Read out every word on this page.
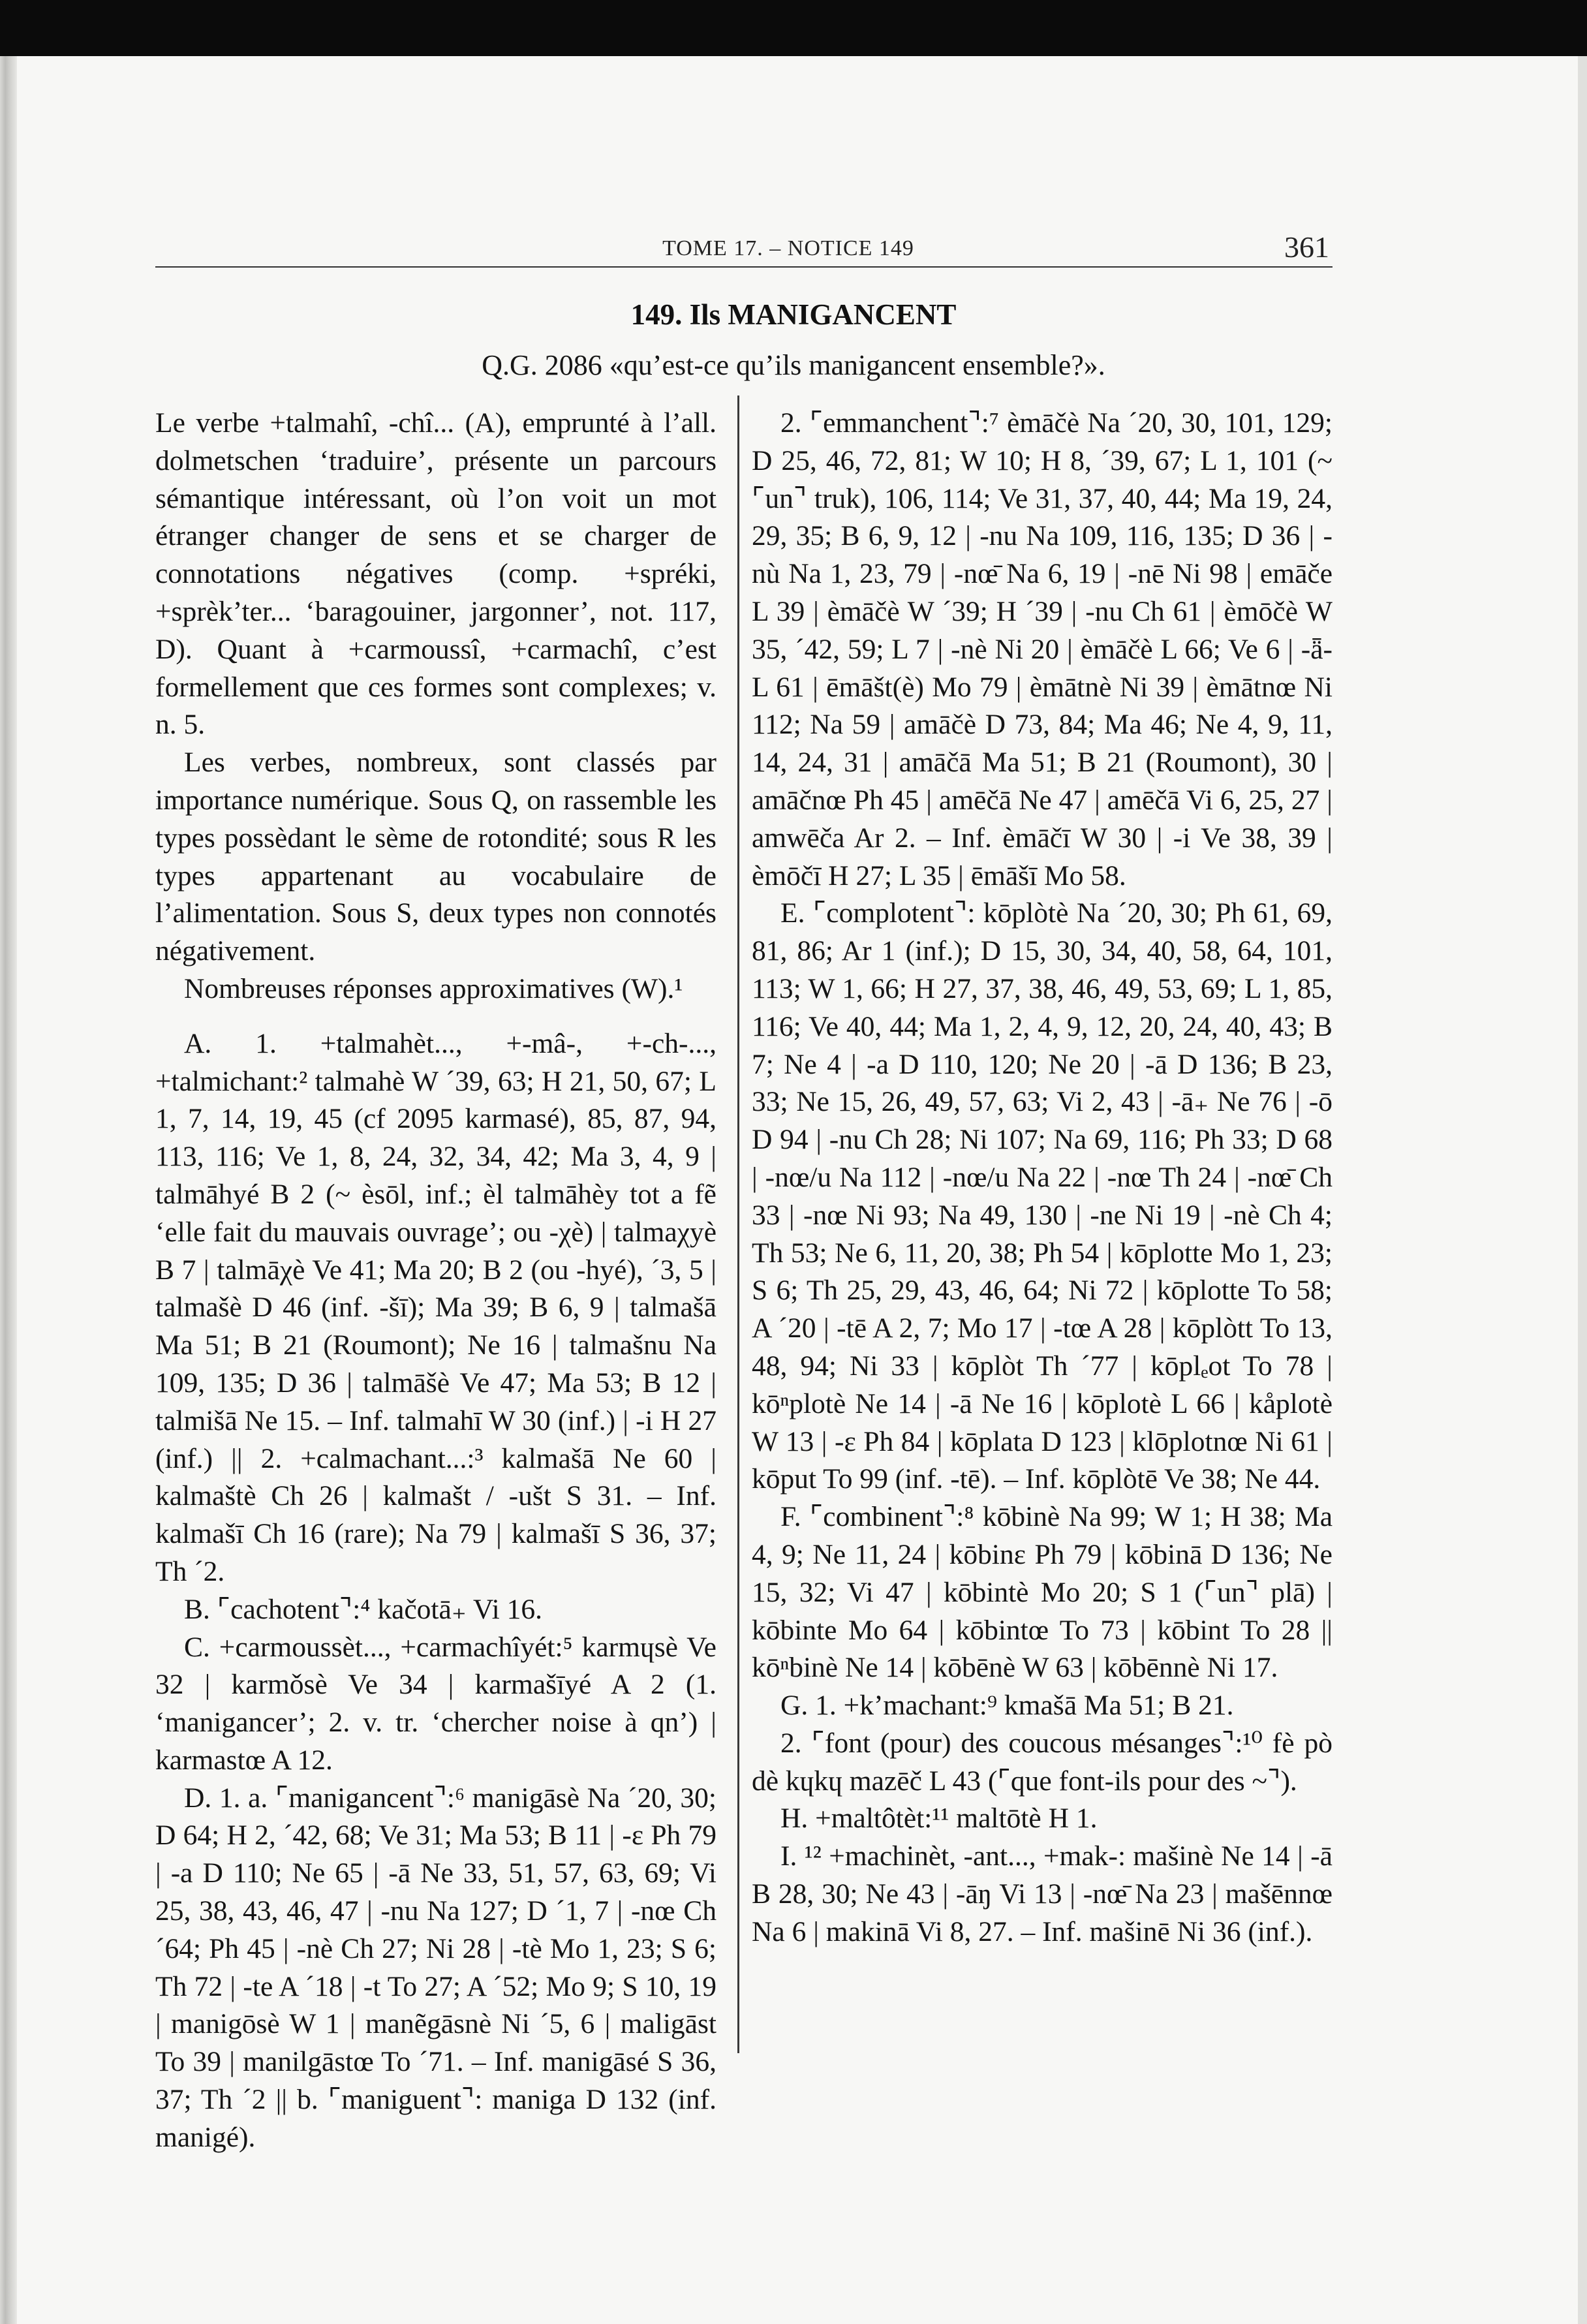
TOME 17. – NOTICE 149	361
149. Ils MANIGANCENT
Q.G. 2086 «qu’est-ce qu’ils manigancent ensemble?».

Le verbe +talmahî, -chî... (A), emprunté à l’all. dolmetschen ‘traduire’, présente un parcours sémantique intéressant, où l’on voit un mot étranger changer de sens et se charger de connotations négatives (comp. +spréki, +sprèk’ter... ‘baragouiner, jargonner’, not. 117, D). Quant à +carmoussî, +carmachî, c’est formellement que ces formes sont complexes; v. n. 5.

Les verbes, nombreux, sont classés par importance numérique. Sous Q, on rassemble les types possèdant le sème de rotondité; sous R les types appartenant au vocabulaire de l’alimentation. Sous S, deux types non connotés négativement.

Nombreuses réponses approximatives (W).¹

A. 1. +talmahèt..., +-mâ-, +-ch-..., +talmichant:² talmahè W ´39, 63; H 21, 50, 67; L 1, 7, 14, 19, 45 (cf 2095 karmasé), 85, 87, 94, 113, 116; Ve 1, 8, 24, 32, 34, 42; Ma 3, 4, 9 | talmāhyé B 2 (~ èsōl, inf.; èl talmāhèy tot a fẽ ‘elle fait du mauvais ouvrage’; ou -χè) | talmaχyè B 7 | talmāχè Ve 41; Ma 20; B 2 (ou -hyé), ´3, 5 | talmašè D 46 (inf. -šī); Ma 39; B 6, 9 | talmašā Ma 51; B 21 (Roumont); Ne 16 | talmašnu Na 109, 135; D 36 | talmāšè Ve 47; Ma 53; B 12 | talmišā Ne 15. – Inf. talmahī W 30 (inf.) | -i H 27 (inf.) || 2. +calmachant...:³ kalmašā Ne 60 | kalmaštè Ch 26 | kalmašt / -ušt S 31. – Inf. kalmašī Ch 16 (rare); Na 79 | kalmašī S 36, 37; Th ´2.

B. ⌜cachotent⌝:⁴ kačotā₊ Vi 16.

C. +carmoussèt..., +carmachîyét:⁵ karmɥsè Ve 32 | karmǒsè Ve 34 | karmašīyé A 2 (1. ‘manigancer’; 2. v. tr. ‘chercher noise à qn’) | karmastœ A 12.

D. 1. a. ⌜manigancent⌝:⁶ manigāsè Na ´20, 30; D 64; H 2, ´42, 68; Ve 31; Ma 53; B 11 | -ɛ Ph 79 | -a D 110; Ne 65 | -ā Ne 33, 51, 57, 63, 69; Vi 25, 38, 43, 46, 47 | -nu Na 127; D ´1, 7 | -nœ Ch ´64; Ph 45 | -nè Ch 27; Ni 28 | -tè Mo 1, 23; S 6; Th 72 | -te A ´18 | -t To 27; A ´52; Mo 9; S 10, 19 | manigōsè W 1 | manẽgāsnè Ni ´5, 6 | maligāst To 39 | manilgāstœ To ´71. – Inf. manigāsé S 36, 37; Th ´2 || b. ⌜maniguent⌝: maniga D 132 (inf. manigé).

2. ⌜emmanchent⌝:⁷ èmāčè Na ´20, 30, 101, 129; D 25, 46, 72, 81; W 10; H 8, ´39, 67; L 1, 101 (~ ⌜un⌝ truk), 106, 114; Ve 31, 37, 40, 44; Ma 19, 24, 29, 35; B 6, 9, 12 | -nu Na 109, 116, 135; D 36 | -nù Na 1, 23, 79 | -nœ̄ Na 6, 19 | -nē Ni 98 | emāče L 39 | èmāčè W ´39; H ´39 | -nu Ch 61 | èmōčè W 35, ´42, 59; L 7 | -nè Ni 20 | èmāčè L 66; Ve 6 | -ǟ- L 61 | ēmāšt(è) Mo 79 | èmātnè Ni 39 | èmātnœ Ni 112; Na 59 | amāčè D 73, 84; Ma 46; Ne 4, 9, 11, 14, 24, 31 | amāčā Ma 51; B 21 (Roumont), 30 | amāčnœ Ph 45 | amēčā Ne 47 | amēčā Vi 6, 25, 27 | amwēča Ar 2. – Inf. èmāčī W 30 | -i Ve 38, 39 | èmōčī H 27; L 35 | ēmāšī Mo 58.

E. ⌜complotent⌝: kōplòtè Na ´20, 30; Ph 61, 69, 81, 86; Ar 1 (inf.); D 15, 30, 34, 40, 58, 64, 101, 113; W 1, 66; H 27, 37, 38, 46, 49, 53, 69; L 1, 85, 116; Ve 40, 44; Ma 1, 2, 4, 9, 12, 20, 24, 40, 43; B 7; Ne 4 | -a D 110, 120; Ne 20 | -ā D 136; B 23, 33; Ne 15, 26, 49, 57, 63; Vi 2, 43 | -ā₊ Ne 76 | -ō D 94 | -nu Ch 28; Ni 107; Na 69, 116; Ph 33; D 68 | -nœ/u Na 112 | -nœ/u Na 22 | -nœ Th 24 | -nœ̄ Ch 33 | -nœ Ni 93; Na 49, 130 | -ne Ni 19 | -nè Ch 4; Th 53; Ne 6, 11, 20, 38; Ph 54 | kōplotte Mo 1, 23; S 6; Th 25, 29, 43, 46, 64; Ni 72 | kōplotte To 58; A ´20 | -tē A 2, 7; Mo 17 | -tœ A 28 | kōplòtt To 13, 48, 94; Ni 33 | kōplòt Th ´77 | kōplₑot To 78 | kōⁿplotè Ne 14 | -ā Ne 16 | kōplotè L 66 | kåplotè W 13 | -ɛ Ph 84 | kōplata D 123 | klōplotnœ Ni 61 | kōput To 99 (inf. -tē). – Inf. kōplòtē Ve 38; Ne 44.

F. ⌜combinent⌝:⁸ kōbinè Na 99; W 1; H 38; Ma 4, 9; Ne 11, 24 | kōbinɛ Ph 79 | kōbinā D 136; Ne 15, 32; Vi 47 | kōbintè Mo 20; S 1 (⌜un⌝ plā) | kōbinte Mo 64 | kōbintœ To 73 | kōbint To 28 || kōⁿbinè Ne 14 | kōbēnè W 63 | kōbēnnè Ni 17.

G. 1. +k’machant:⁹ kmašā Ma 51; B 21.

2. ⌜font (pour) des coucous mésanges⌝:¹⁰ fè pò dè kɥkɥ mazēč L 43 (⌜que font-ils pour des ~⌝).

H. +maltôtèt:¹¹ maltōtè H 1.

I. ¹² +machinèt, -ant..., +mak-: mašinè Ne 14 | -ā B 28, 30; Ne 43 | -āŋ Vi 13 | -nœ̄ Na 23 | mašēnnœ Na 6 | makinā Vi 8, 27. – Inf. mašinē Ni 36 (inf.).
